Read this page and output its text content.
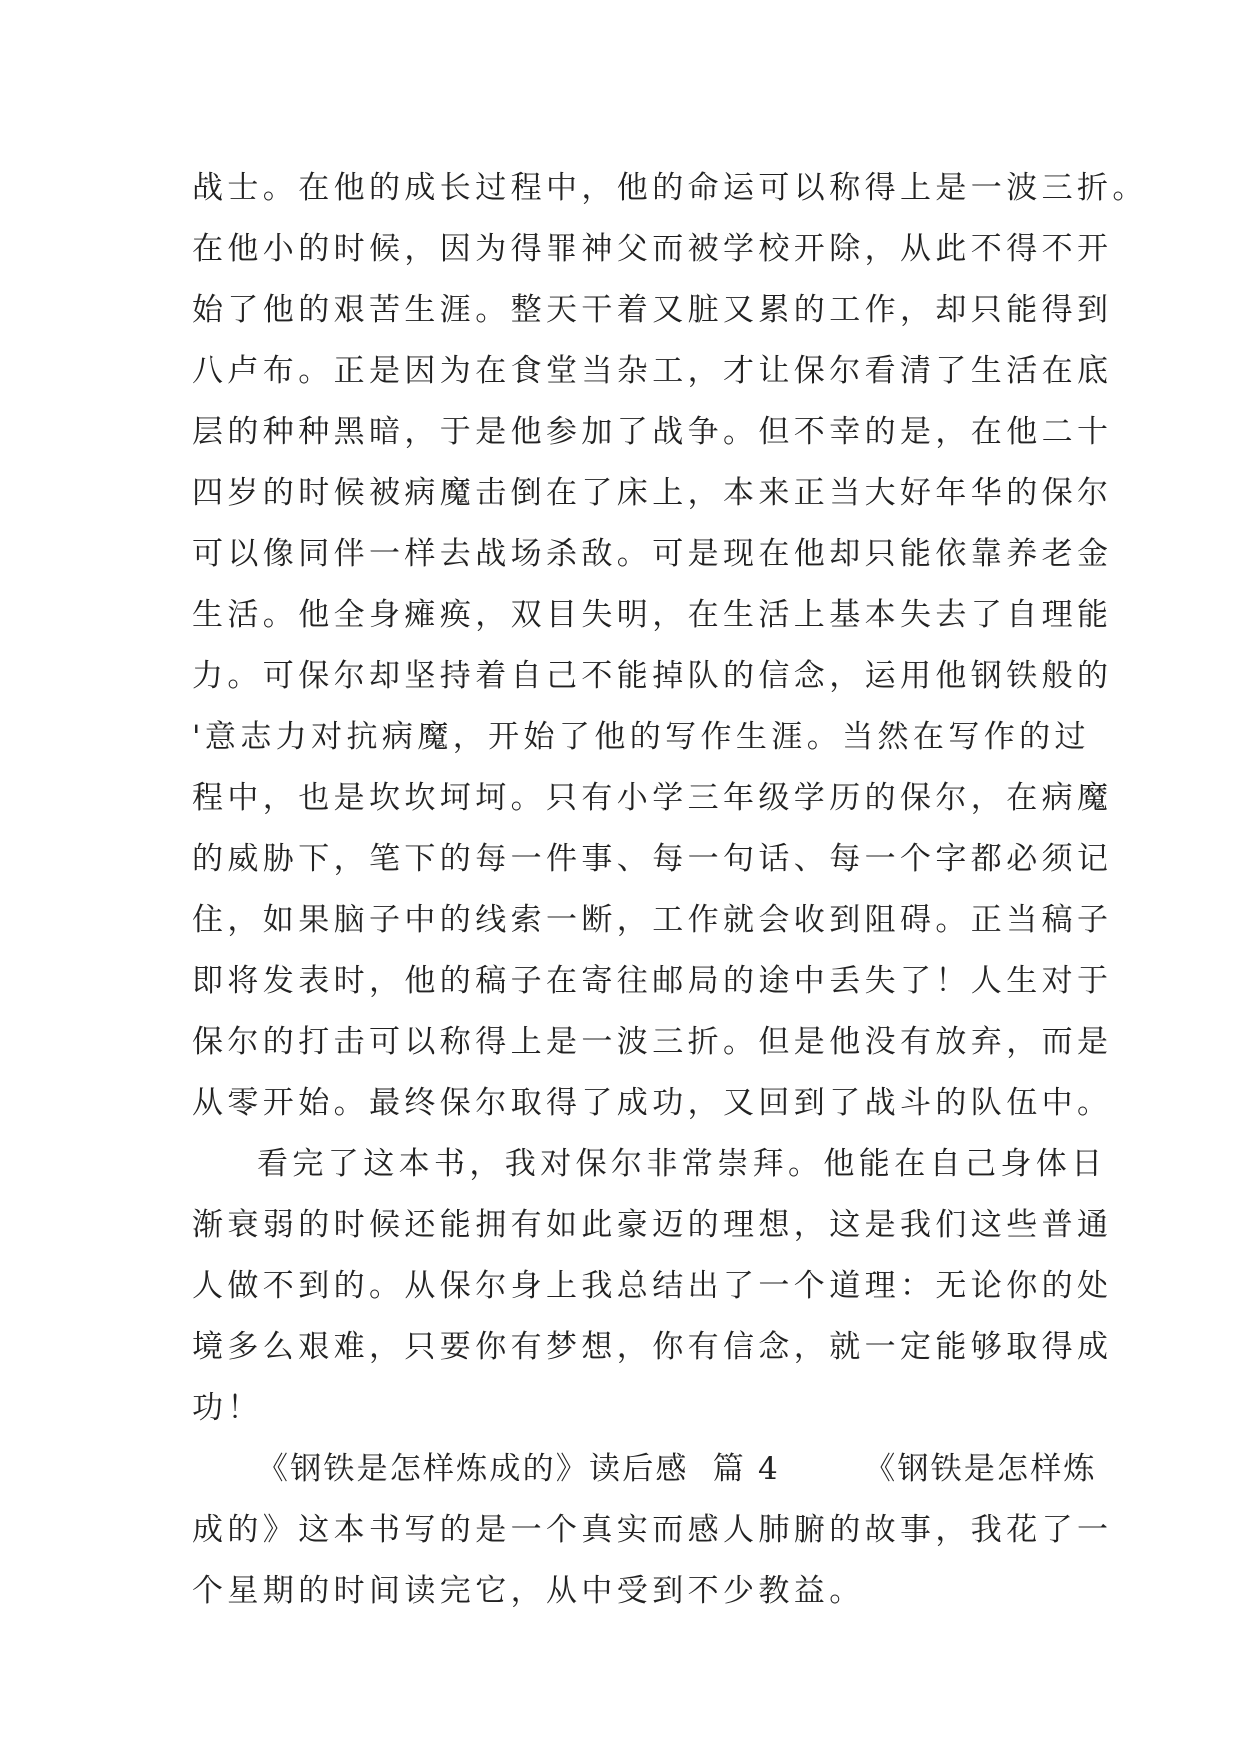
战士。在他的成长过程中，他的命运可以称得上是一波三折。
在他小的时候，因为得罪神父而被学校开除，从此不得不开
始了他的艰苦生涯。整天干着又脏又累的工作，却只能得到
八卢布。正是因为在食堂当杂工，才让保尔看清了生活在底
层的种种黑暗，于是他参加了战争。但不幸的是，在他二十
四岁的时候被病魔击倒在了床上，本来正当大好年华的保尔
可以像同伴一样去战场杀敌。可是现在他却只能依靠养老金
生活。他全身瘫痪，双目失明，在生活上基本失去了自理能
力。可保尔却坚持着自己不能掉队的信念，运用他钢铁般的
'意志力对抗病魔，开始了他的写作生涯。当然在写作的过
程中，也是坎坎坷坷。只有小学三年级学历的保尔，在病魔
的威胁下，笔下的每一件事、每一句话、每一个字都必须记
住，如果脑子中的线索一断，工作就会收到阻碍。正当稿子
即将发表时，他的稿子在寄往邮局的途中丢失了！人生对于
保尔的打击可以称得上是一波三折。但是他没有放弃，而是
从零开始。最终保尔取得了成功，又回到了战斗的队伍中。
看完了这本书，我对保尔非常崇拜。他能在自己身体日
渐衰弱的时候还能拥有如此豪迈的理想，这是我们这些普通
人做不到的。从保尔身上我总结出了一个道理：无论你的处
境多么艰难，只要你有梦想，你有信念，就一定能够取得成
功！
《钢铁是怎样炼成的》读后感  篇 4       《钢铁是怎样炼
成的》这本书写的是一个真实而感人肺腑的故事，我花了一
个星期的时间读完它，从中受到不少教益。
